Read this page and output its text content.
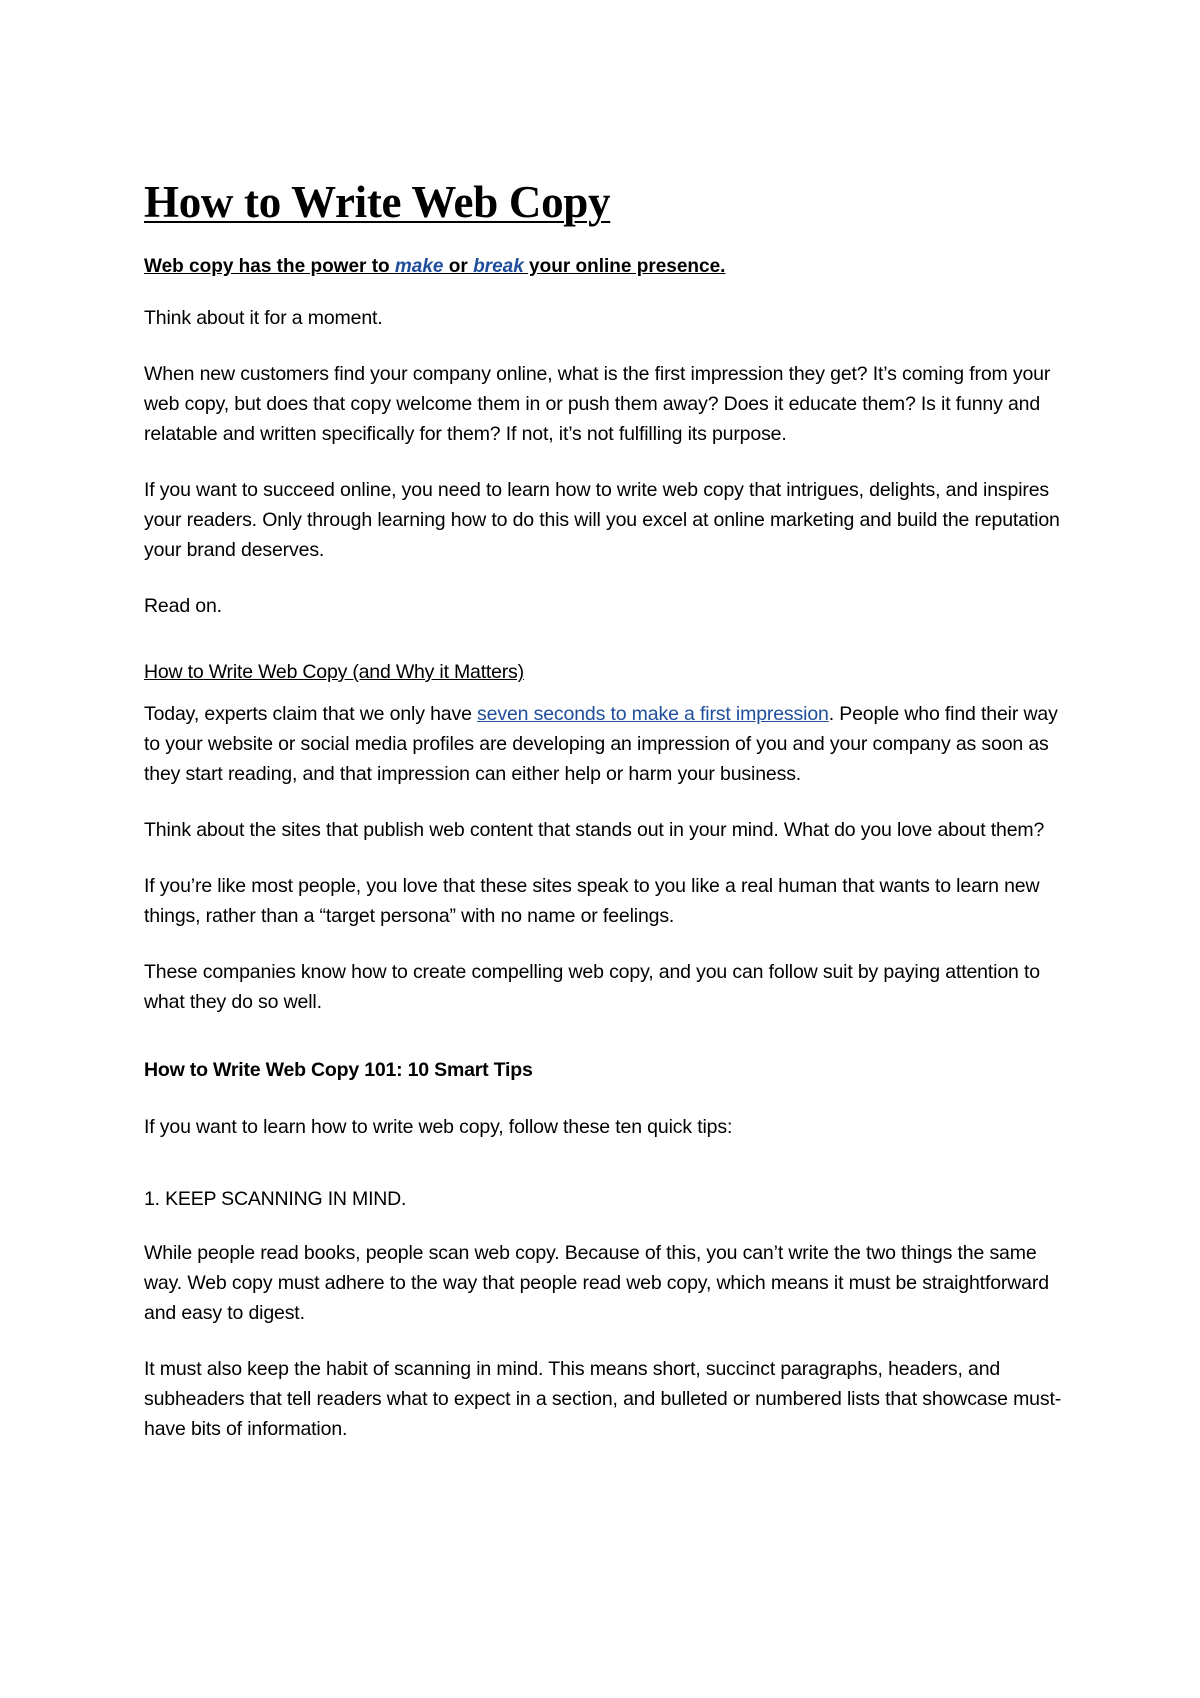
How to Write Web Copy
Web copy has the power to make or break your online presence.

Think about it for a moment.

When new customers find your company online, what is the first impression they get? It’s coming from your web copy, but does that copy welcome them in or push them away? Does it educate them? Is it funny and relatable and written specifically for them? If not, it’s not fulfilling its purpose.

If you want to succeed online, you need to learn how to write web copy that intrigues, delights, and inspires your readers. Only through learning how to do this will you excel at online marketing and build the reputation your brand deserves.

Read on.

How to Write Web Copy (and Why it Matters)

Today, experts claim that we only have seven seconds to make a first impression. People who find their way to your website or social media profiles are developing an impression of you and your company as soon as they start reading, and that impression can either help or harm your business.

Think about the sites that publish web content that stands out in your mind. What do you love about them?

If you’re like most people, you love that these sites speak to you like a real human that wants to learn new things, rather than a “target persona” with no name or feelings.

These companies know how to create compelling web copy, and you can follow suit by paying attention to what they do so well.

How to Write Web Copy 101: 10 Smart Tips

If you want to learn how to write web copy, follow these ten quick tips:

1. KEEP SCANNING IN MIND.

While people read books, people scan web copy. Because of this, you can’t write the two things the same way. Web copy must adhere to the way that people read web copy, which means it must be straightforward and easy to digest.

It must also keep the habit of scanning in mind. This means short, succinct paragraphs, headers, and subheaders that tell readers what to expect in a section, and bulleted or numbered lists that showcase must-have bits of information.
